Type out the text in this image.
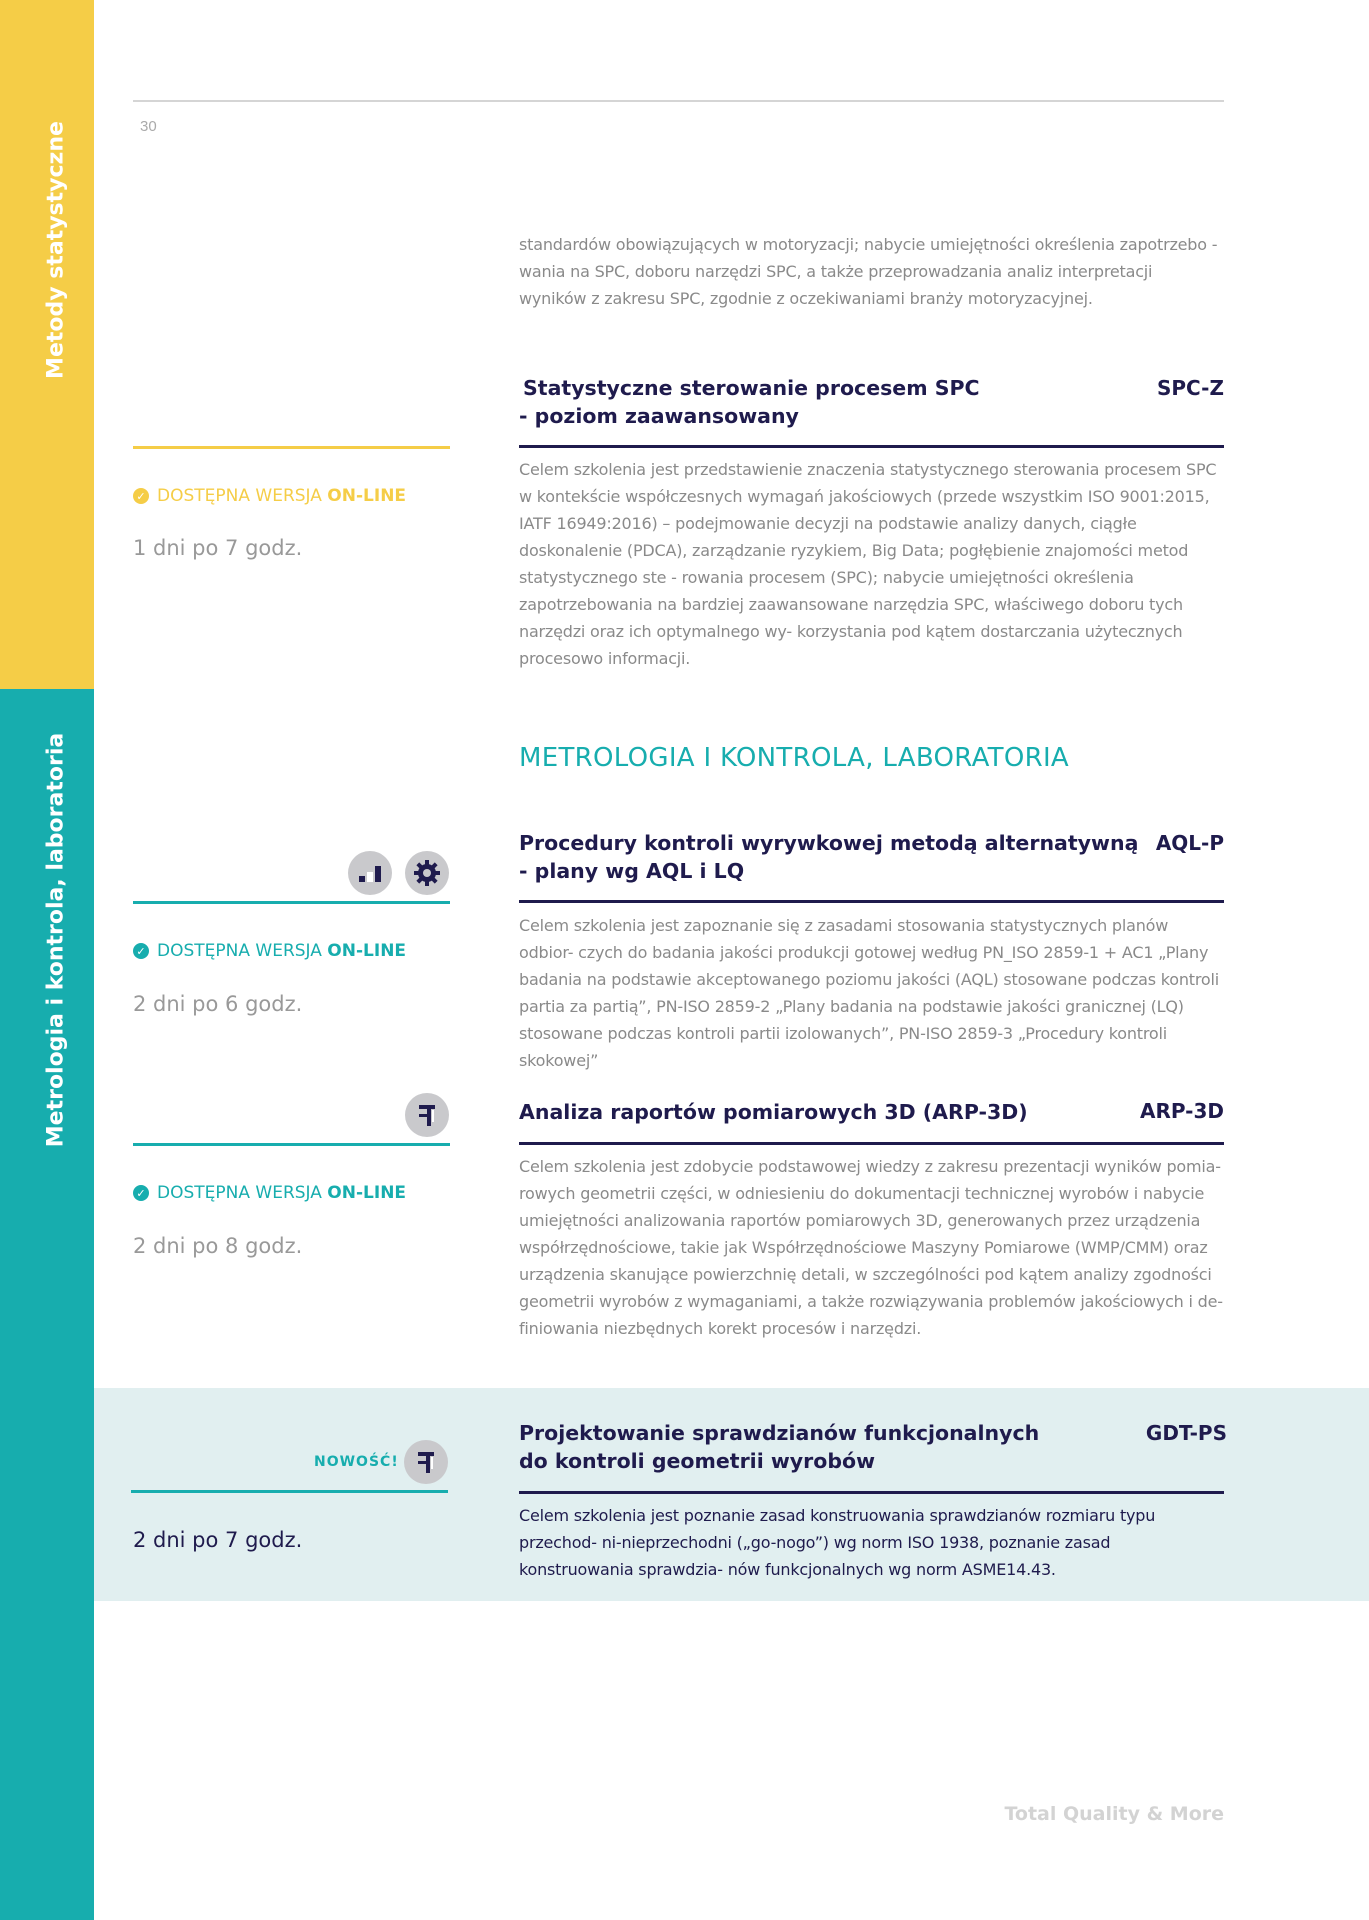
Metody statystyczne
Metrologia i kontrola, laboratoria
30
standardów obowiązujących w motoryzacji; nabycie umiejętności określenia zapotrzebo - wania na SPC, doboru narzędzi SPC, a także przeprowadzania analiz interpretacji wyników z zakresu SPC, zgodnie z oczekiwaniami branży motoryzacyjnej.
Statystyczne sterowanie procesem SPC
- poziom zaawansowany
SPC-Z
✓ DOSTĘPNA WERSJA ON-LINE
1 dni po 7 godz.
Celem szkolenia jest przedstawienie znaczenia statystycznego sterowania procesem SPC w kontekście współczesnych wymagań jakościowych (przede wszystkim ISO 9001:2015, IATF 16949:2016) – podejmowanie decyzji na podstawie analizy danych, ciągłe doskonalenie (PDCA), zarządzanie ryzykiem, Big Data; pogłębienie znajomości metod statystycznego ste - rowania procesem (SPC); nabycie umiejętności określenia zapotrzebowania na bardziej zaawansowane narzędzia SPC, właściwego doboru tych narzędzi oraz ich optymalnego wy- korzystania pod kątem dostarczania użytecznych procesowo informacji.
METROLOGIA I KONTROLA, LABORATORIA
Procedury kontroli wyrywkowej metodą alternatywną
- plany wg AQL i LQ
AQL-P
✓ DOSTĘPNA WERSJA ON-LINE
2 dni po 6 godz.
Celem szkolenia jest zapoznanie się z zasadami stosowania statystycznych planów odbior- czych do badania jakości produkcji gotowej według PN_ISO 2859-1 + AC1 „Plany badania na podstawie akceptowanego poziomu jakości (AQL) stosowane podczas kontroli partia za partią”, PN-ISO 2859-2 „Plany badania na podstawie jakości granicznej (LQ) stosowane podczas kontroli partii izolowanych”, PN-ISO 2859-3 „Procedury kontroli skokowej”
Analiza raportów pomiarowych 3D (ARP-3D)	ARP-3D
✓ DOSTĘPNA WERSJA ON-LINE
2 dni po 8 godz.
Celem szkolenia jest zdobycie podstawowej wiedzy z zakresu prezentacji wyników pomia- rowych geometrii części, w odniesieniu do dokumentacji technicznej wyrobów i nabycie umiejętności analizowania raportów pomiarowych 3D, generowanych przez urządzenia współrzędnościowe, takie jak Współrzędnościowe Maszyny Pomiarowe (WMP/CMM) oraz urządzenia skanujące powierzchnię detali, w szczególności pod kątem analizy zgodności geometrii wyrobów z wymaganiami, a także rozwiązywania problemów jakościowych i de- finiowania niezbędnych korekt procesów i narzędzi.
NOWOŚĆ!
Projektowanie sprawdzianów funkcjonalnych
do kontroli geometrii wyrobów
GDT-PS
2 dni po 7 godz.
Celem szkolenia jest poznanie zasad konstruowania sprawdzianów rozmiaru typu przechod- ni-nieprzechodni („go-nogo”) wg norm ISO 1938, poznanie zasad konstruowania sprawdzia- nów funkcjonalnych wg norm ASME14.43.
Total Quality & More
